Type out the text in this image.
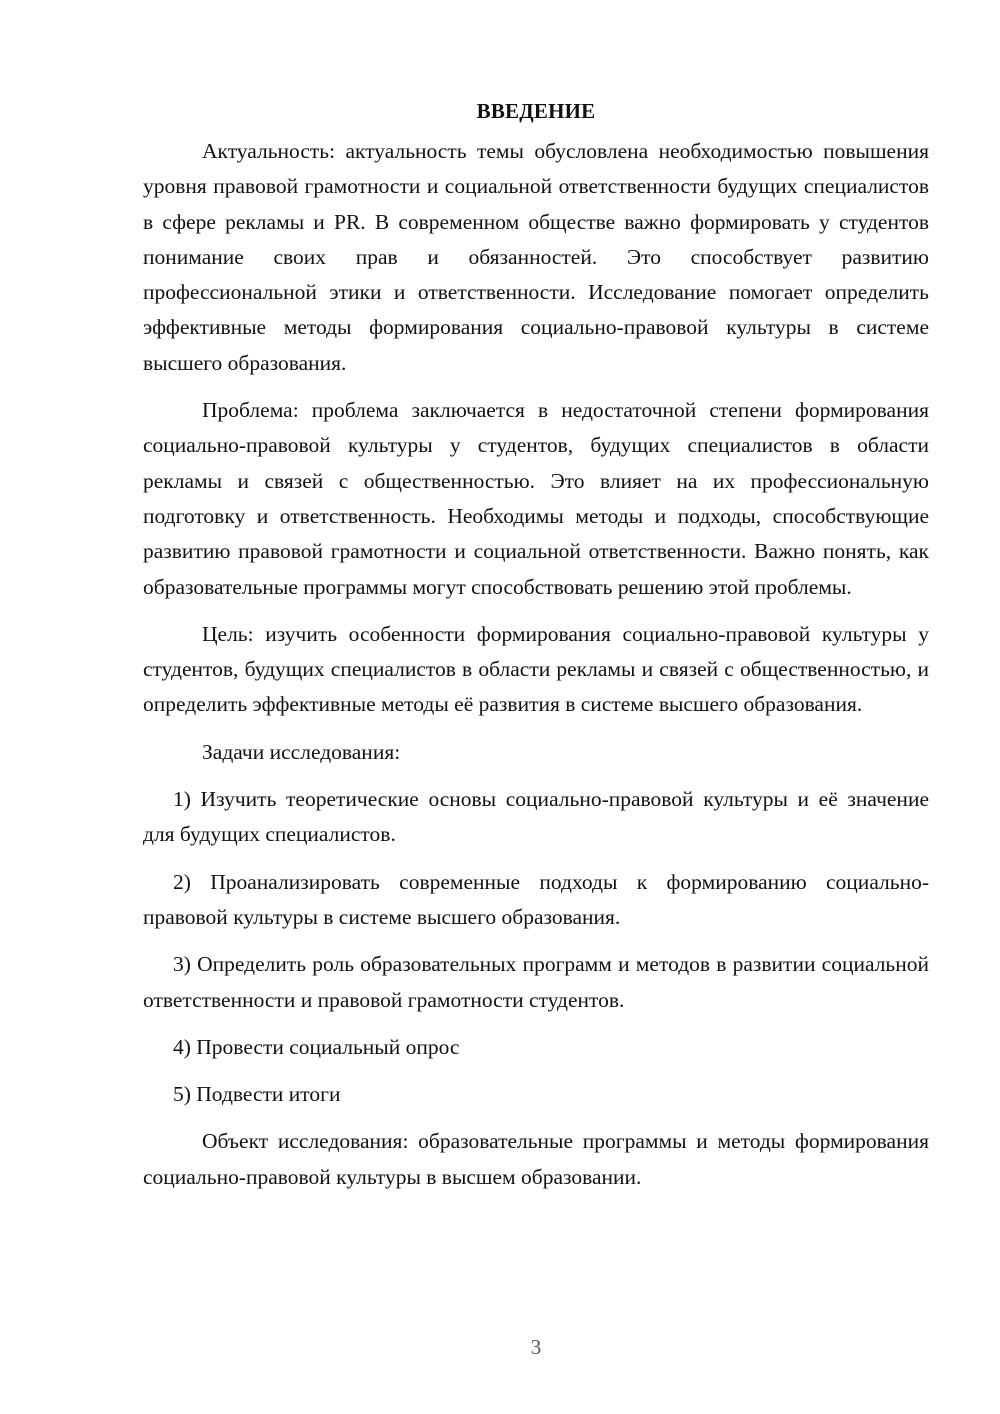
ВВЕДЕНИЕ

Актуальность: актуальность темы обусловлена необходимостью повышения уровня правовой грамотности и социальной ответственности будущих специалистов в сфере рекламы и PR. В современном обществе важно формировать у студентов понимание своих прав и обязанностей. Это способствует развитию профессиональной этики и ответственности. Исследование помогает определить эффективные методы формирования социально-правовой культуры в системе высшего образования.

Проблема: проблема заключается в недостаточной степени формирования социально-правовой культуры у студентов, будущих специалистов в области рекламы и связей с общественностью. Это влияет на их профессиональную подготовку и ответственность. Необходимы методы и подходы, способствующие развитию правовой грамотности и социальной ответственности. Важно понять, как образовательные программы могут способствовать решению этой проблемы.

Цель: изучить особенности формирования социально-правовой культуры у студентов, будущих специалистов в области рекламы и связей с общественностью, и определить эффективные методы её развития в системе высшего образования.

Задачи исследования:

1) Изучить теоретические основы социально-правовой культуры и её значение для будущих специалистов.

2) Проанализировать современные подходы к формированию социально-правовой культуры в системе высшего образования.

3) Определить роль образовательных программ и методов в развитии социальной ответственности и правовой грамотности студентов.

4) Провести социальный опрос

5) Подвести итоги

Объект исследования: образовательные программы и методы формирования социально-правовой культуры в высшем образовании.

3
